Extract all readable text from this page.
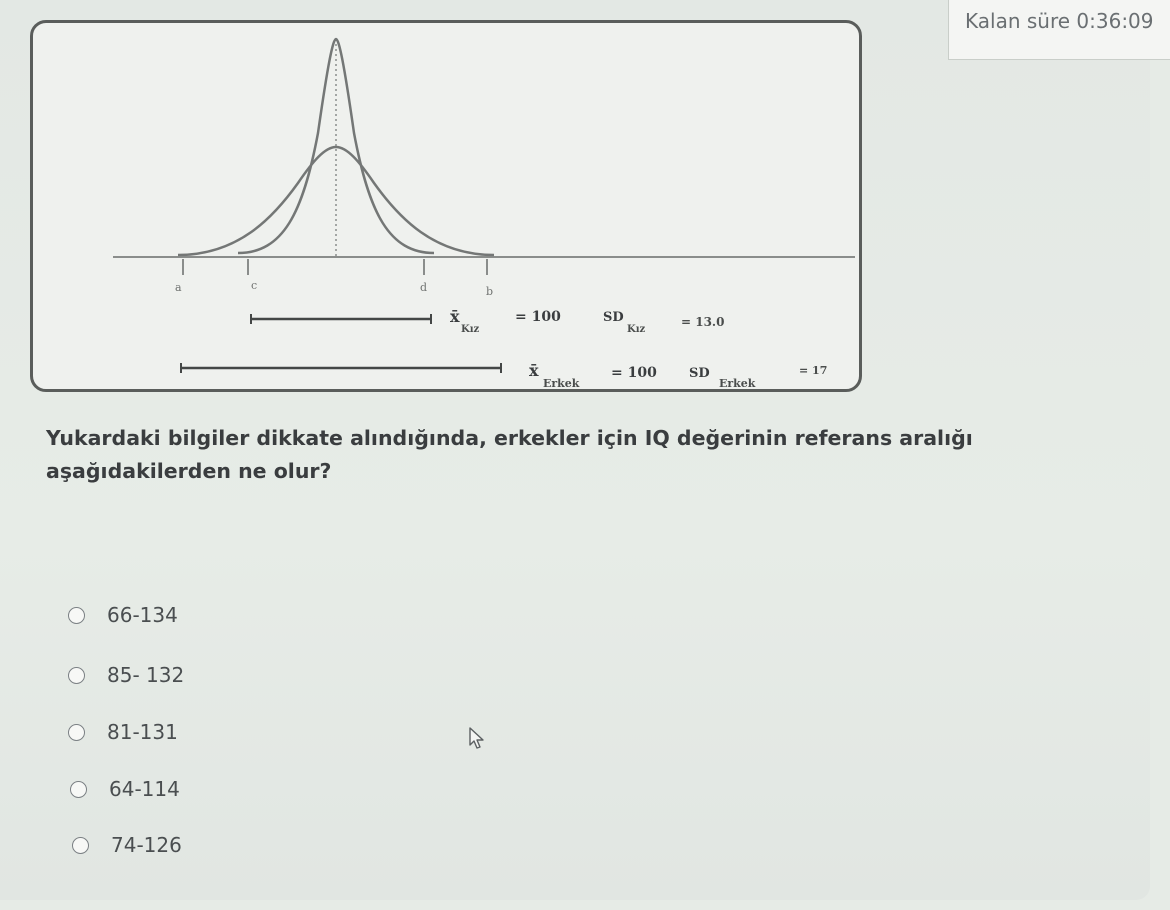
Kalan süre 0:36:09
a	c	d	b
x̄
Kız
= 100	SD
Kız
= 13.0
x̄
Erkek
= 100 SD
Erkek
= 17
Yukardaki bilgiler dikkate alındığında, erkekler için IQ değerinin referans aralığı aşağıdakilerden ne olur?
66-134
85- 132
81-131
64-114
74-126
